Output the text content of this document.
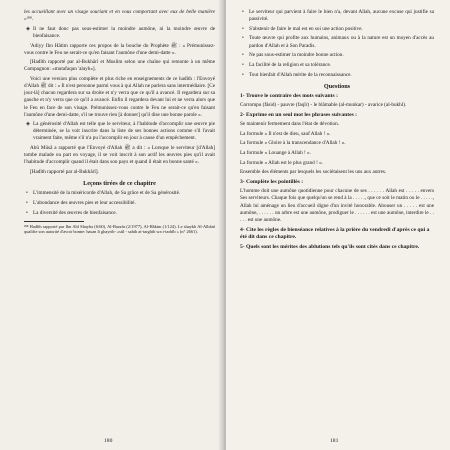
les accueillant avec un visage souriant et en vous comportant avec eux de belle manière »²⁸⁸.

◈ Il ne faut donc pas sous-estimer la moindre aumône, ni la moindre œuvre de bienfaisance.

'Adiyy Ibn Hâtim rapporte ces propos de la bouche du Prophète ﷺ : « Prémunissez-vous contre le Feu ne serait-ce qu'en faisant l'aumône d'une demi-datte ».

[Hadîth rapporté par al-Bukhârî et Muslim selon une chaîne qui remonte à un même Compagnon: «mutafaqun 'alayh»].

Voici une version plus complète et plus riche en enseignements de ce hadîth : l'Envoyé d'Allah ﷺ dit : « Il n'est personne parmi vous à qui Allah ne parlera sans intermédiaire. [Ce jour-là] chacun regardera sur sa droite et n'y verra que ce qu'il a avancé. Il regardera sur sa gauche et n'y verra que ce qu'il a avancé. Enfin il regardera devant lui et ne verra alors que le Feu en face de son visage. Prémunissez-vous contre le Feu ne serait-ce qu'en faisant l'aumône d'une demi-datte, s'il ne trouve rien [à donner] qu'il dise une bonne parole ».

◈ La générosité d'Allah est telle que le serviteur, à l'habitude d'accomplir une œuvre pie déterminée, se la voit inscrire dans la liste de ses bonnes actions comme s'il l'avait vraiment faite, même s'il n'a pu l'accomplir en jour à cause d'un empêchement.

Abû Mûsâ a rapporté que l'Envoyé d'Allah ﷺ a dit : « Lorsque le serviteur [d'Allah] tombe malade ou part en voyage, il se voit inscrit à son actif les œuvres pies qu'il avait l'habitude d'accomplir quand il était dans son pays et quand il était en bonne santé ».

[Hadîth rapporté par al-Bukhârî].

Leçons tirées de ce chapitre

• L'immensité de la miséricorde d'Allah, de Sa grâce et de Sa générosité.

• L'abondance des œuvres pies et leur accessibilité.

• La diversité des œuvres de bienfaisance.

²⁸⁸ Hadîth rapporté par Ibn Abî Shayba (6/60), Al-Bazzâr (2/1977), Al-Hâkim (1/124). Le shaykh Al-Albânî qualifie son autorité d'avoir bonne: hasan li ghayrih- «sûl - sahih at-targhib wa t-tarhîb » (n° 2661).

180

• Le serviteur qui parvient à faire le bien n'a, devant Allah, aucune excuse qui justifie sa passivité.

• S'abstenir de faire le mal est en soi une action positive.

• Toute œuvre qui profite aux humains, animaux ou à la nature est un moyen d'accès au pardon d'Allah et à Son Paradis.

• Ne pas sous-estimer la moindre bonne action.

• La facilité de la religion et sa tolérance.

• Tout bienfait d'Allah mérite de la reconnaissance.

Questions
1- Trouve le contraire des mots suivants :

Corrompu (fâsid) - pauvre (faqîr) - le blâmable (al-munkar) - avarice (al-bukhl).

2- Exprime en un seul mot les phrases suivantes :

Se maintenir fermement dans l'état de dévotion.

La formule « Il n'est de dieu, sauf Allah ! ».

La formule « Gloire à la transcendance d'Allah ! ».

La formule « Louange à Allah ! ».

La formule « Allah est le plus grand ! ».

Ensemble des éléments par lesquels les sociétaisent les uns aux autres.

3- Complète les pointillés :

L'homme doit une aumône quotidienne pour chacune de ses . . . . . . Allah est . . . . . envers Ses serviteurs. Chaque fois que quelqu'un se rend à la . . . . ., que ce soit le matin ou le . . . . ., Allah lui aménage un lieu d'accueil digne d'un invité honorable. Abouser un . . . . . est une aumône, . . . . . . un arbre est une aumône, prodiguer le . . . . . . est une aumône, interdire le . . . . . est une aumône.

4- Cite les règles de bienséance relatives à la prière du vendredi d'après ce qui a été dit dans ce chapitre.
5- Quels sont les mérites des ablutions tels qu'ils sont cités dans ce chapitre.
181
